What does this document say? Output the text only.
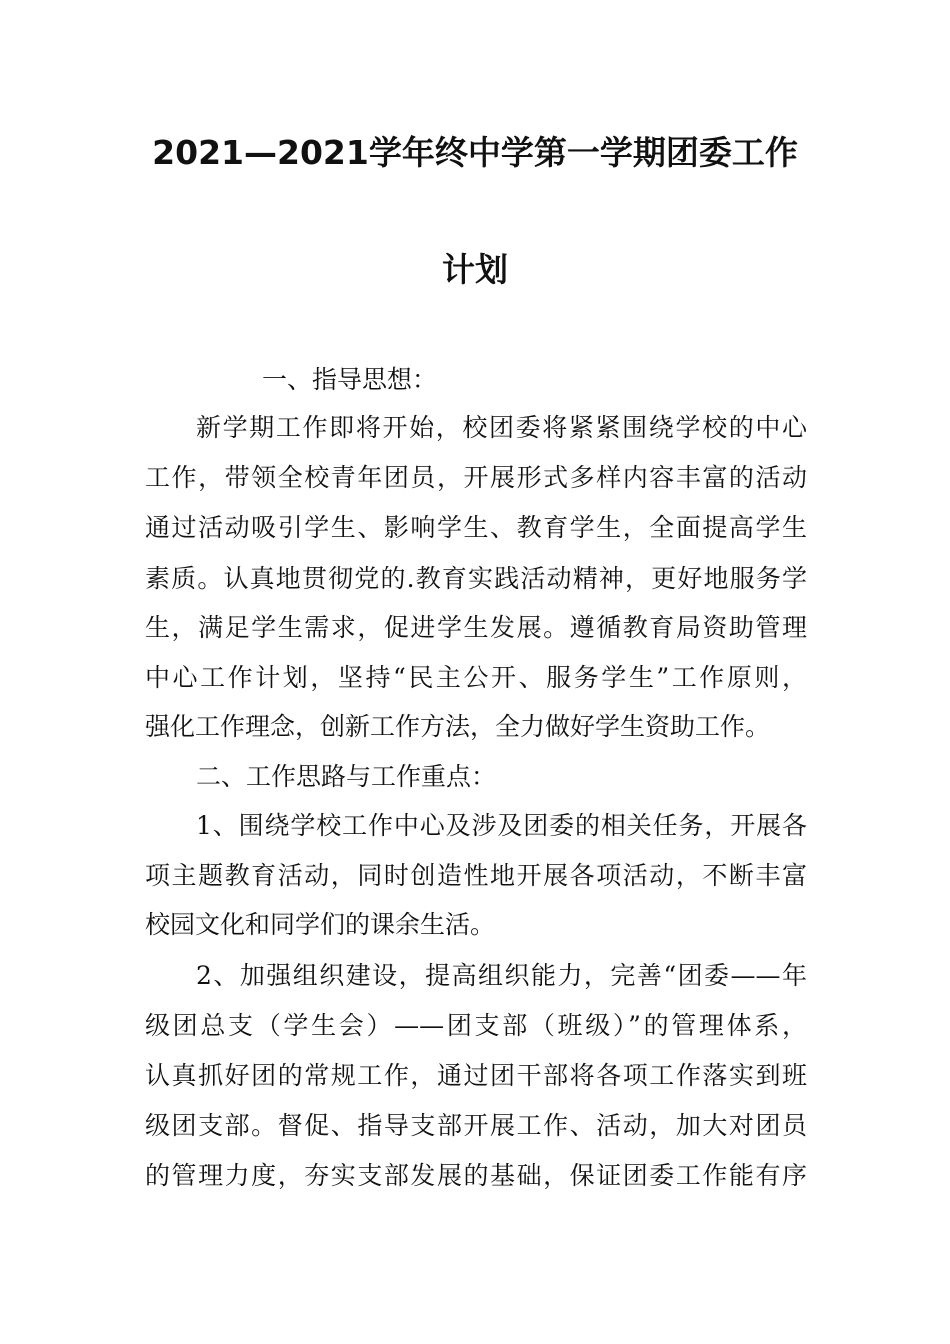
2021—2021学年终中学第一学期团委工作
计划
一、指导思想：
新学期工作即将开始，校团委将紧紧围绕学校的中心
工作，带领全校青年团员，开展形式多样内容丰富的活动
通过活动吸引学生、影响学生、教育学生，全面提高学生
素质。认真地贯彻党的.教育实践活动精神，更好地服务学
生，满足学生需求，促进学生发展。遵循教育局资助管理
中心工作计划，坚持“民主公开、服务学生”工作原则，
强化工作理念，创新工作方法，全力做好学生资助工作。
二、工作思路与工作重点：
1、围绕学校工作中心及涉及团委的相关任务，开展各
项主题教育活动，同时创造性地开展各项活动，不断丰富
校园文化和同学们的课余生活。
2、加强组织建设，提高组织能力，完善“团委——年
级团总支（学生会）——团支部（班级）”的管理体系，
认真抓好团的常规工作，通过团干部将各项工作落实到班
级团支部。督促、指导支部开展工作、活动，加大对团员
的管理力度，夯实支部发展的基础，保证团委工作能有序
